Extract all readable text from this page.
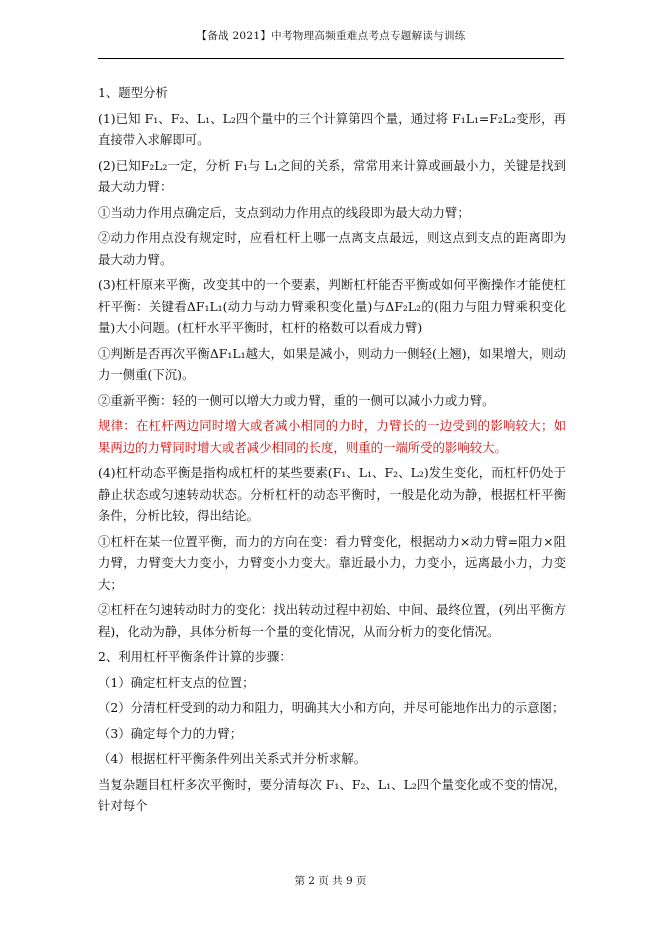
【备战 2021】中考物理高频重难点考点专题解读与训练

1、题型分析

(1)已知 F₁、F₂、L₁、L₂四个量中的三个计算第四个量，通过将 F₁L₁=F₂L₂变形，再直接带入求解即可。

(2)已知F₂L₂一定，分析 F₁与 L₁之间的关系，常常用来计算或画最小力，关键是找到最大动力臂：

①当动力作用点确定后，支点到动力作用点的线段即为最大动力臂；

②动力作用点没有规定时，应看杠杆上哪一点离支点最远，则这点到支点的距离即为最大动力臂。

(3)杠杆原来平衡，改变其中的一个要素，判断杠杆能否平衡或如何平衡操作才能使杠杆平衡：关键看ΔF₁L₁(动力与动力臂乘积变化量)与ΔF₂L₂的(阻力与阻力臂乘积变化量)大小问题。(杠杆水平平衡时，杠杆的格数可以看成力臂)

①判断是否再次平衡ΔF₁L₁越大，如果是减小，则动力一侧轻(上翘)，如果增大，则动力一侧重(下沉)。

②重新平衡：轻的一侧可以增大力或力臂，重的一侧可以减小力或力臂。

规律：在杠杆两边同时增大或者减小相同的力时，力臂长的一边受到的影响较大；如果两边的力臂同时增大或者减少相同的长度，则重的一端所受的影响较大。

(4)杠杆动态平衡是指构成杠杆的某些要素(F₁、L₁、F₂、L₂)发生变化，而杠杆仍处于静止状态或匀速转动状态。分析杠杆的动态平衡时，一般是化动为静，根据杠杆平衡条件，分析比较，得出结论。

①杠杆在某一位置平衡，而力的方向在变：看力臂变化，根据动力×动力臂=阻力×阻力臂，力臂变大力变小，力臂变小力变大。靠近最小力，力变小，远离最小力，力变大；

②杠杆在匀速转动时力的变化：找出转动过程中初始、中间、最终位置，(列出平衡方程)，化动为静，具体分析每一个量的变化情况，从而分析力的变化情况。

2、利用杠杆平衡条件计算的步骤：

（1）确定杠杆支点的位置；

（2）分清杠杆受到的动力和阻力，明确其大小和方向，并尽可能地作出力的示意图；

（3）确定每个力的力臂；

（4）根据杠杆平衡条件列出关系式并分析求解。

当复杂题目杠杆多次平衡时，要分清每次 F₁、F₂、L₁、L₂四个量变化或不变的情况，针对每个

第 2 页 共 9 页
